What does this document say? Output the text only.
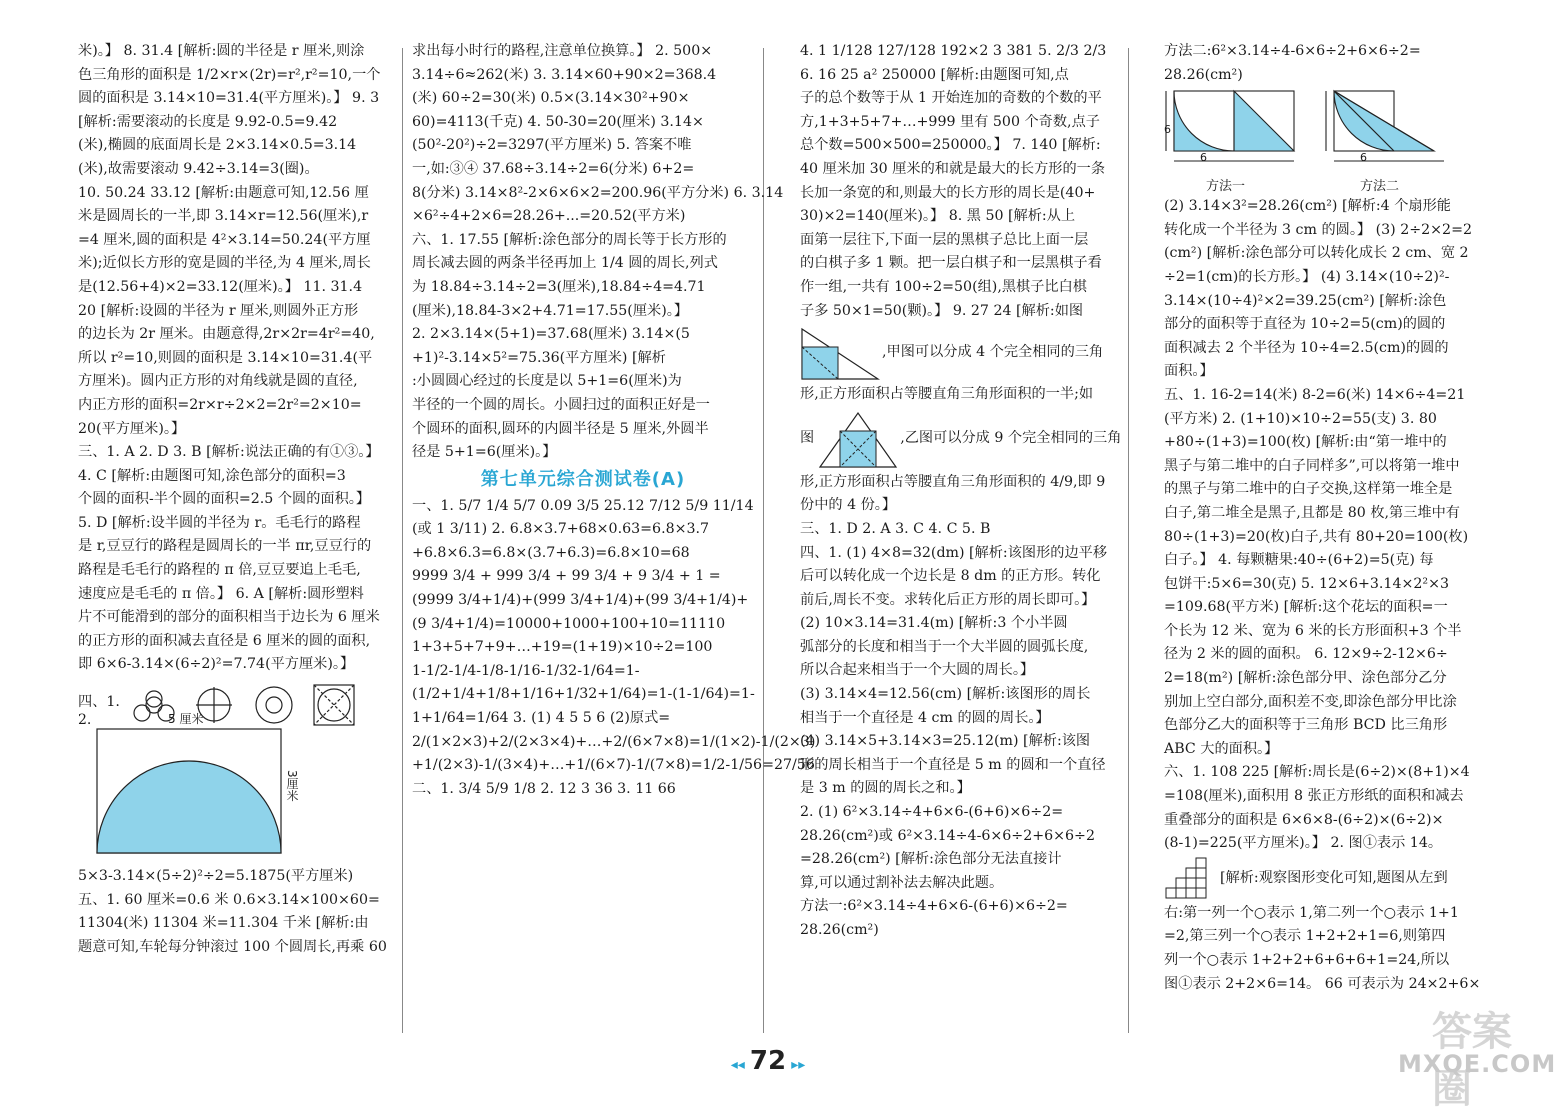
米)。】 8. 31.4 [解析:圆的半径是 r 厘米,则涂
色三角形的面积是 1/2×r×(2r)=r²,r²=10,一个
圆的面积是 3.14×10=31.4(平方厘米)。】 9. 3
[解析:需要滚动的长度是 9.92-0.5=9.42
(米),椭圆的底面周长是 2×3.14×0.5=3.14
(米),故需要滚动 9.42÷3.14=3(圈)。
10. 50.24 33.12 [解析:由题意可知,12.56 厘
米是圆周长的一半,即 3.14×r=12.56(厘米),r
=4 厘米,圆的面积是 4²×3.14=50.24(平方厘
米);近似长方形的宽是圆的半径,为 4 厘米,周长
是(12.56+4)×2=33.12(厘米)。】 11. 31.4
20 [解析:设圆的半径为 r 厘米,则圆外正方形
的边长为 2r 厘米。由题意得,2r×2r=4r²=40,
所以 r²=10,则圆的面积是 3.14×10=31.4(平
方厘米)。圆内正方形的对角线就是圆的直径,
内正方形的面积=2r×r÷2×2=2r²=2×10=
20(平方厘米)。】
三、1. A 2. D 3. B [解析:说法正确的有①③。】
4. C [解析:由题图可知,涂色部分的面积=3
个圆的面积-半个圆的面积=2.5 个圆的面积。】
5. D [解析:设半圆的半径为 r。毛毛行的路程
是 r,豆豆行的路程是圆周长的一半 πr,豆豆行的
路程是毛毛行的路程的 π 倍,豆豆要追上毛毛,
速度应是毛毛的 π 倍。】 6. A [解析:圆形塑料
片不可能滑到的部分的面积相当于边长为 6 厘米
的正方形的面积减去直径是 6 厘米的圆的面积,
即 6×6-3.14×(6÷2)²=7.74(平方厘米)。】
四、1.
2.	5 厘米
3厘米
5×3-3.14×(5÷2)²÷2=5.1875(平方厘米)
五、1. 60 厘米=0.6 米 0.6×3.14×100×60=
11304(米) 11304 米=11.304 千米 [解析:由
题意可知,车轮每分钟滚过 100 个圆周长,再乘 60
求出每小时行的路程,注意单位换算。】 2. 500×
3.14÷6≈262(米) 3. 3.14×60+90×2=368.4
(米) 60÷2=30(米) 0.5×(3.14×30²+90×
60)=4113(千克) 4. 50-30=20(厘米) 3.14×
(50²-20²)÷2=3297(平方厘米) 5. 答案不唯
一,如:③④ 37.68÷3.14÷2=6(分米) 6+2=
8(分米) 3.14×8²-2×6×6×2=200.96(平方分米) 6. 3.14
×6²÷4+2×6=28.26+...=20.52(平方米)
六、1. 17.55 [解析:涂色部分的周长等于长方形的
周长减去圆的两条半径再加上 1/4 圆的周长,列式
为 18.84÷3.14÷2=3(厘米),18.84÷4=4.71
(厘米),18.84-3×2+4.71=17.55(厘米)。】
2. 2×3.14×(5+1)=37.68(厘米) 3.14×(5
+1)²-3.14×5²=75.36(平方厘米) [解析
:小圆圆心经过的长度是以 5+1=6(厘米)为
半径的一个圆的周长。小圆扫过的面积正好是一
个圆环的面积,圆环的内圆半径是 5 厘米,外圆半
径是 5+1=6(厘米)。】
第七单元综合测试卷(A)
一、1. 5/7 1/4 5/7 0.09 3/5 25.12 7/12 5/9 11/14
(或 1 3/11) 2. 6.8×3.7+68×0.63=6.8×3.7
+6.8×6.3=6.8×(3.7+6.3)=6.8×10=68
9999 3/4 + 999 3/4 + 99 3/4 + 9 3/4 + 1 =
(9999 3/4+1/4)+(999 3/4+1/4)+(99 3/4+1/4)+
(9 3/4+1/4)=10000+1000+100+10=11110
1+3+5+7+9+…+19=(1+19)×10÷2=100
1-1/2-1/4-1/8-1/16-1/32-1/64=1-
(1/2+1/4+1/8+1/16+1/32+1/64)=1-(1-1/64)=1-
1+1/64=1/64 3. (1) 4 5 5 6 (2)原式=
2/(1×2×3)+2/(2×3×4)+…+2/(6×7×8)=1/(1×2)-1/(2×3)
+1/(2×3)-1/(3×4)+…+1/(6×7)-1/(7×8)=1/2-1/56=27/56
二、1. 3/4 5/9 1/8 2. 12 3 36 3. 11 66
4. 1 1/128 127/128 192×2 3 381 5. 2/3 2/3
6. 16 25 a² 250000 [解析:由题图可知,点
子的总个数等于从 1 开始连加的奇数的个数的平
方,1+3+5+7+…+999 里有 500 个奇数,点子
总个数=500×500=250000。】 7. 140 [解析:
40 厘米加 30 厘米的和就是最大的长方形的一条
长加一条宽的和,则最大的长方形的周长是(40+
30)×2=140(厘米)。】 8. 黑 50 [解析:从上
面第一层往下,下面一层的黑棋子总比上面一层
的白棋子多 1 颗。把一层白棋子和一层黑棋子看
作一组,一共有 100÷2=50(组),黑棋子比白棋
子多 50×1=50(颗)。】 9. 27 24 [解析:如图
,甲图可以分成 4 个完全相同的三角
形,正方形面积占等腰直角三角形面积的一半;如
图	,乙图可以分成 9 个完全相同的三角
形,正方形面积占等腰直角三角形面积的 4/9,即 9
份中的 4 份。】
三、1. D 2. A 3. C 4. C 5. B
四、1. (1) 4×8=32(dm) [解析:该图形的边平移
后可以转化成一个边长是 8 dm 的正方形。转化
前后,周长不变。求转化后正方形的周长即可。】
(2) 10×3.14=31.4(m) [解析:3 个小半圆
弧部分的长度和相当于一个大半圆的圆弧长度,
所以合起来相当于一个大圆的周长。】
(3) 3.14×4=12.56(cm) [解析:该图形的周长
相当于一个直径是 4 cm 的圆的周长。】
(4) 3.14×5+3.14×3=25.12(m) [解析:该图
形的周长相当于一个直径是 5 m 的圆和一个直径
是 3 m 的圆的周长之和。】
2. (1) 6²×3.14÷4+6×6-(6+6)×6÷2=
28.26(cm²)或 6²×3.14÷4-6×6÷2+6×6÷2
=28.26(cm²) [解析:涂色部分无法直接计
算,可以通过割补法去解决此题。
方法一:6²×3.14÷4+6×6-(6+6)×6÷2=
28.26(cm²)
方法二:6²×3.14÷4-6×6÷2+6×6÷2=
28.26(cm²)
6
6	6
方法一	方法二
(2) 3.14×3²=28.26(cm²) [解析:4 个扇形能
转化成一个半径为 3 cm 的圆。】 (3) 2÷2×2=2
(cm²) [解析:涂色部分可以转化成长 2 cm、宽 2
÷2=1(cm)的长方形。】 (4) 3.14×(10÷2)²-
3.14×(10÷4)²×2=39.25(cm²) [解析:涂色
部分的面积等于直径为 10÷2=5(cm)的圆的
面积减去 2 个半径为 10÷4=2.5(cm)的圆的
面积。】
五、1. 16-2=14(米) 8-2=6(米) 14×6÷4=21
(平方米) 2. (1+10)×10÷2=55(支) 3. 80
+80÷(1+3)=100(枚) [解析:由“第一堆中的
黑子与第二堆中的白子同样多”,可以将第一堆中
的黑子与第二堆中的白子交换,这样第一堆全是
白子,第二堆全是黑子,且都是 80 枚,第三堆中有
80÷(1+3)=20(枚)白子,共有 80+20=100(枚)
白子。】 4. 每颗糖果:40÷(6+2)=5(克) 每
包饼干:5×6=30(克) 5. 12×6+3.14×2²×3
=109.68(平方米) [解析:这个花坛的面积=一
个长为 12 米、宽为 6 米的长方形面积+3 个半
径为 2 米的圆的面积。 6. 12×9÷2-12×6÷
2=18(m²) [解析:涂色部分甲、涂色部分乙分
别加上空白部分,面积差不变,即涂色部分甲比涂
色部分乙大的面积等于三角形 BCD 比三角形
ABC 大的面积。】
六、1. 108 225 [解析:周长是(6÷2)×(8+1)×4
=108(厘米),面积用 8 张正方形纸的面积和减去
重叠部分的面积是 6×6×8-(6÷2)×(6÷2)×
(8-1)=225(平方厘米)。】 2. 图①表示 14。
[解析:观察图形变化可知,题图从左到
右:第一列一个○表示 1,第二列一个○表示 1+1
=2,第三列一个○表示 1+2+2+1=6,则第四
列一个○表示 1+2+2+6+6+6+1=24,所以
图①表示 2+2×6=14。 66 可表示为 24×2+6×
◂◂ 72 ▸▸
答案圈
MXQE.COM
